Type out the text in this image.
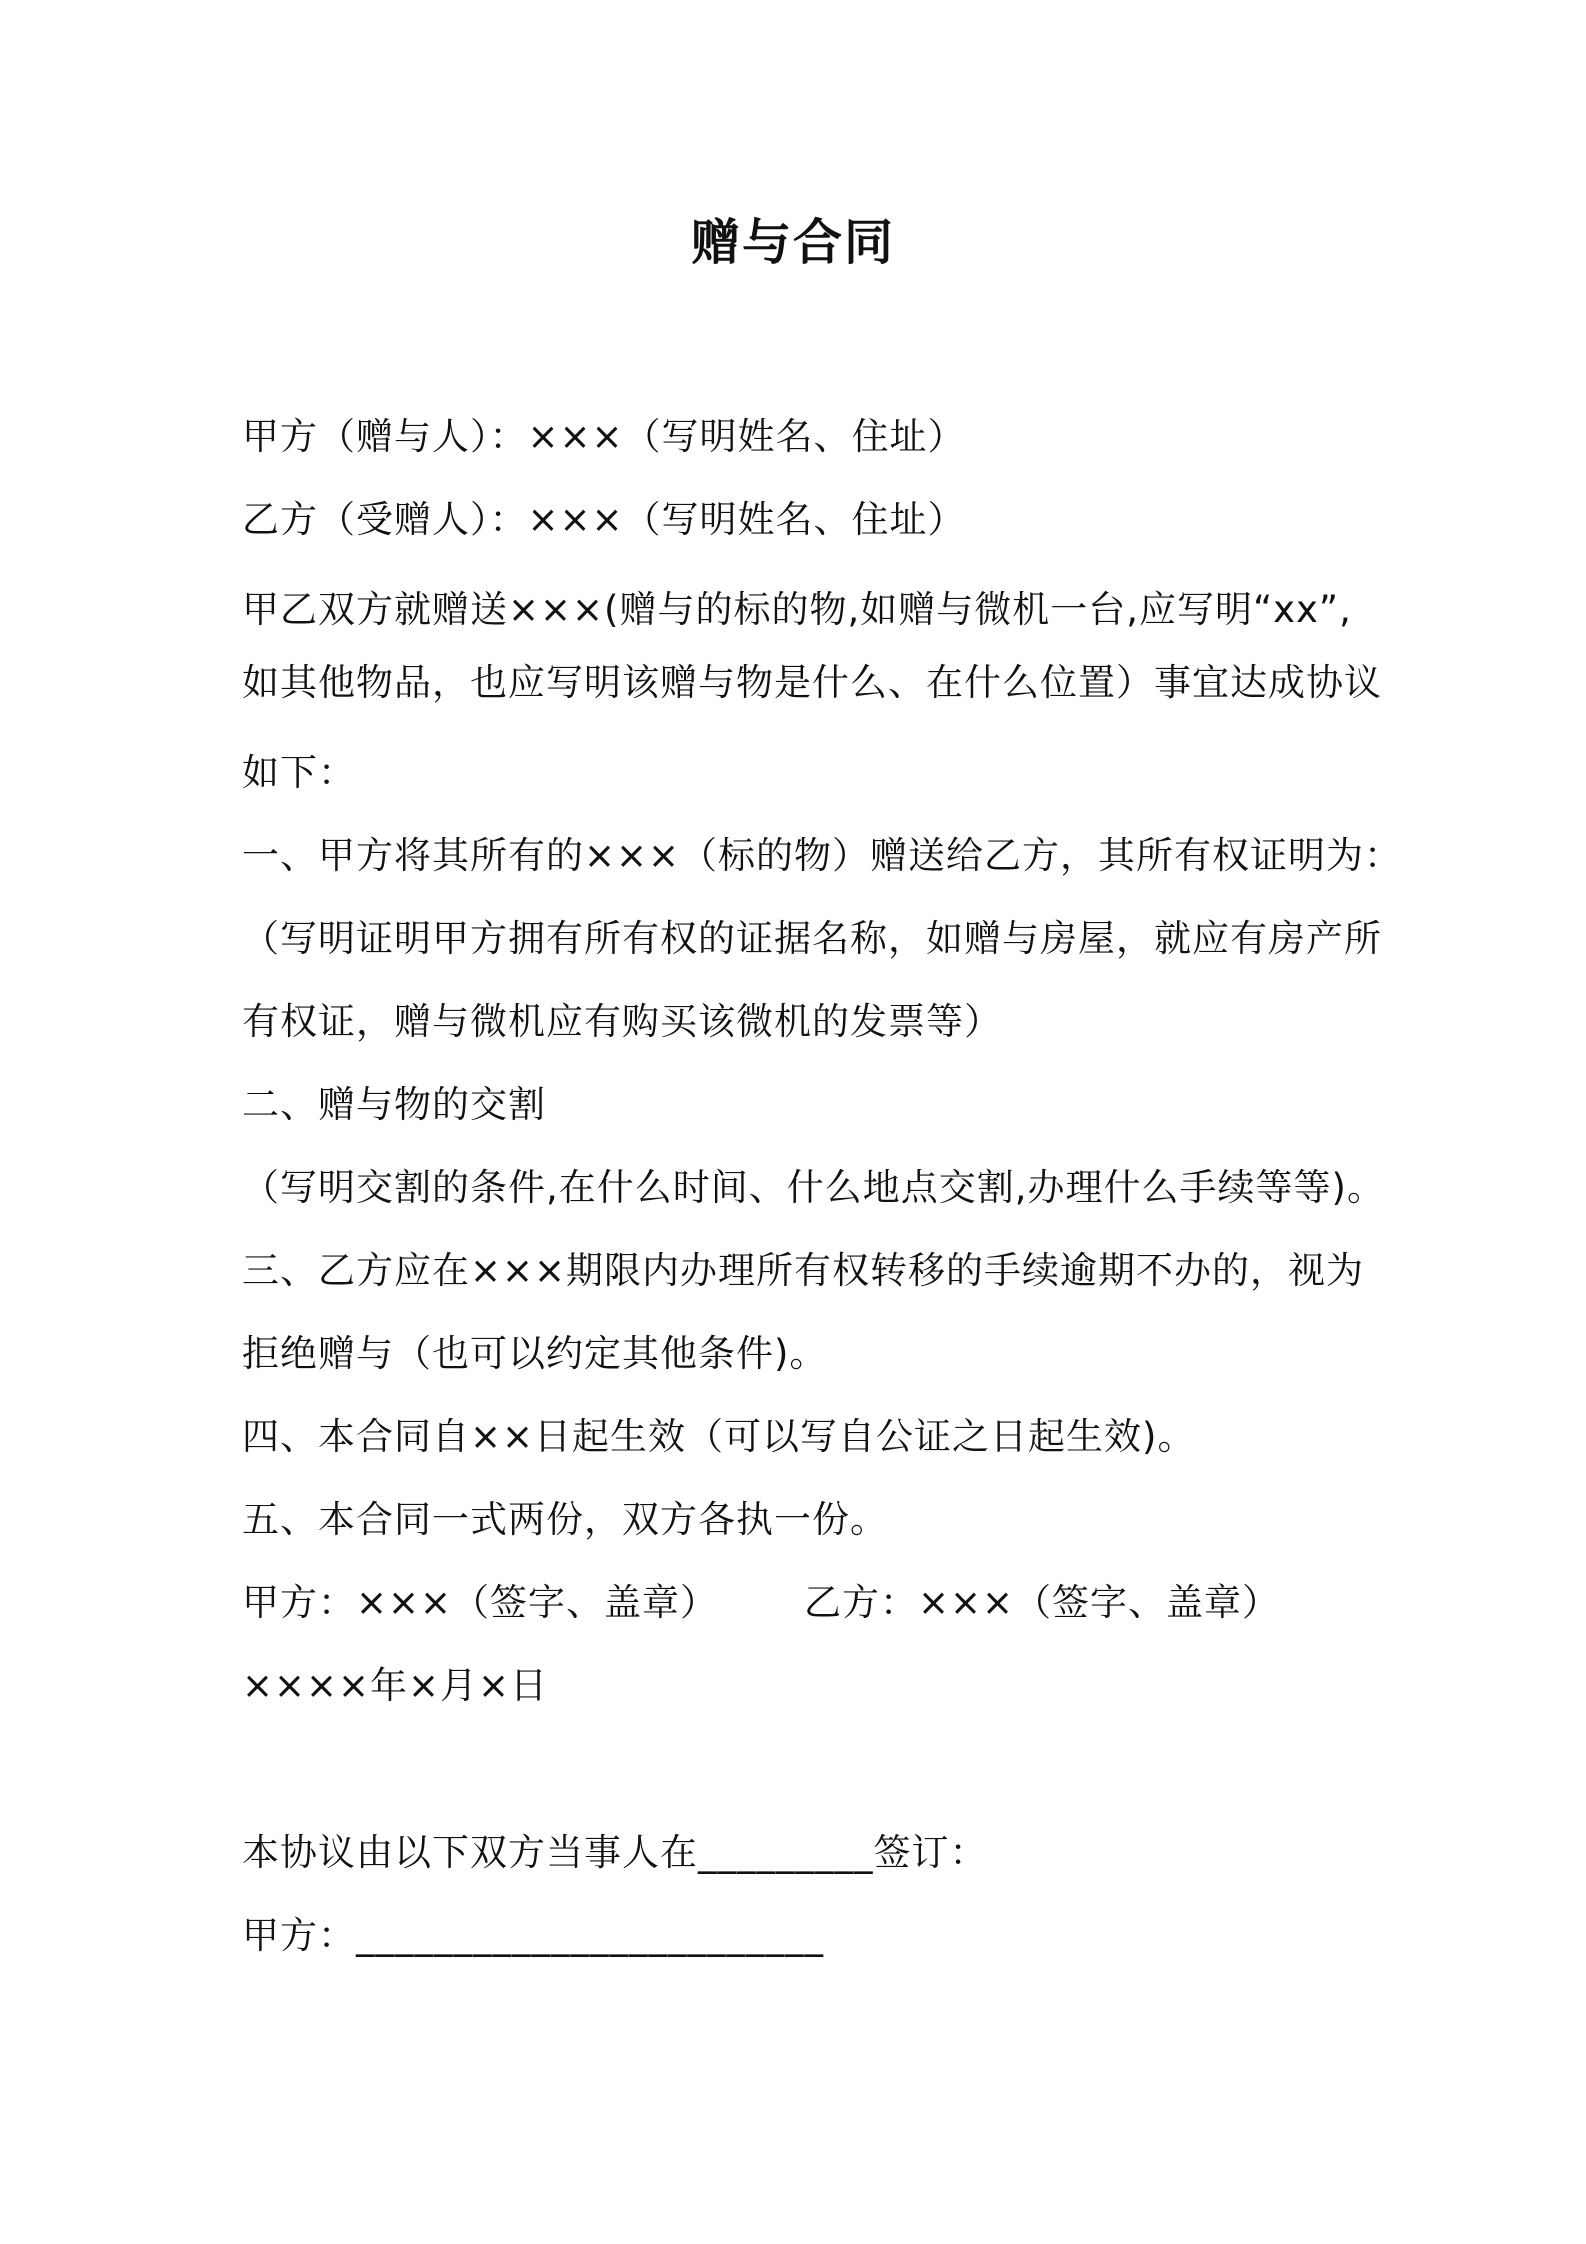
赠与合同
甲方（赠与人）：×××（写明姓名、住址）
乙方（受赠人）：×××（写明姓名、住址）
甲乙双方就赠送×××(赠与的标的物,如赠与微机一台,应写明“xx”,
如其他物品，也应写明该赠与物是什么、在什么位置）事宜达成协议
如下：
一、甲方将其所有的×××（标的物）赠送给乙方，其所有权证明为：
（写明证明甲方拥有所有权的证据名称，如赠与房屋，就应有房产所
有权证，赠与微机应有购买该微机的发票等）
二、赠与物的交割
（写明交割的条件,在什么时间、什么地点交割,办理什么手续等等)。
三、乙方应在×××期限内办理所有权转移的手续逾期不办的，视为
拒绝赠与（也可以约定其他条件)。
四、本合同自××日起生效（可以写自公证之日起生效)。
五、本合同一式两份，双方各执一份。
甲方：×××（签字、盖章） 乙方：×××（签字、盖章）
××××年×月×日
本协议由以下双方当事人在_________签订：
甲方：________________________
